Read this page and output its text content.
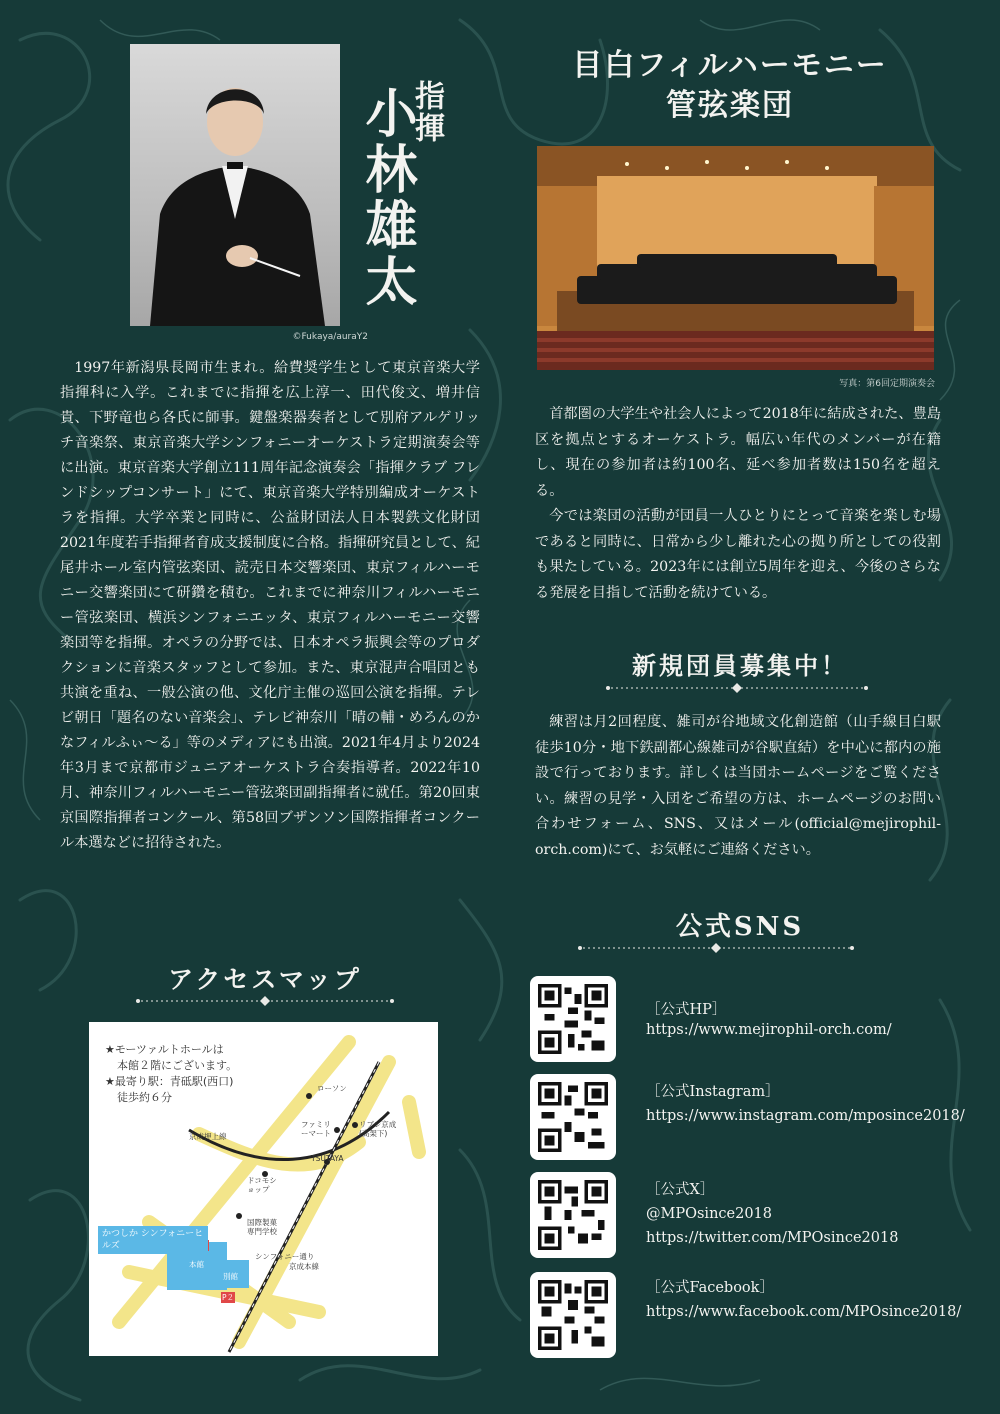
©Fukaya/auraY2
指揮
小林雄太
1997年新潟県長岡市生まれ。給費奨学生として東京音楽大学指揮科に入学。これまでに指揮を広上淳一、田代俊文、増井信貴、下野竜也ら各氏に師事。鍵盤楽器奏者として別府アルゲリッチ音楽祭、東京音楽大学シンフォニーオーケストラ定期演奏会等に出演。東京音楽大学創立111周年記念演奏会「指揮クラブ フレンドシップコンサート」にて、東京音楽大学特別編成オーケストラを指揮。大学卒業と同時に、公益財団法人日本製鉄文化財団 2021年度若手指揮者育成支援制度に合格。指揮研究員として、紀尾井ホール室内管弦楽団、読売日本交響楽団、東京フィルハーモニー交響楽団にて研鑽を積む。これまでに神奈川フィルハーモニー管弦楽団、横浜シンフォニエッタ、東京フィルハーモニー交響楽団等を指揮。オペラの分野では、日本オペラ振興会等のプロダクションに音楽スタッフとして参加。また、東京混声合唱団とも共演を重ね、一般公演の他、文化庁主催の巡回公演を指揮。テレビ朝日「題名のない音楽会」、テレビ神奈川「晴の輔・めろんのかなフィルふぃ～る」等のメディアにも出演。2021年4月より2024年3月まで京都市ジュニアオーケストラ合奏指導者。2022年10月、神奈川フィルハーモニー管弦楽団副指揮者に就任。第20回東京国際指揮者コンクール、第58回ブザンソン国際指揮者コンクール本選などに招待された。
目白フィルハーモニー
管弦楽団
写真：第6回定期演奏会

首都圏の大学生や社会人によって2018年に結成された、豊島区を拠点とするオーケストラ。幅広い年代のメンバーが在籍し、現在の参加者は約100名、延べ参加者数は150名を超える。

今では楽団の活動が団員一人ひとりにとって音楽を楽しむ場であると同時に、日常から少し離れた心の拠り所としての役割も果たしている。2023年には創立5周年を迎え、今後のさらなる発展を目指して活動を続けている。

新規団員募集中！
練習は月2回程度、雑司が谷地域文化創造館（山手線目白駅徒歩10分・地下鉄副都心線雑司が谷駅直結）を中心に都内の施設で行っております。詳しくは当団ホームページをご覧ください。練習の見学・入団をご希望の方は、ホームページのお問い合わせフォーム、SNS、又はメール(official@mejirophil-orch.com)にて、お気軽にご連絡ください。
公式SNS
［公式HP］
https://www.mejirophil-orch.com/
［公式Instagram］
https://www.instagram.com/mposince2018/
［公式X］
@MPOsince2018
https://twitter.com/MPOsince2018
［公式Facebook］
https://www.facebook.com/MPOsince2018/
アクセスマップ
★モーツァルトホールは
本館２階にございます。
★最寄り駅：青砥駅(西口)
徒歩約６分
ローソン
ファミリーマート
リブレ京成(高架下)
TSUTAYA
ドコモショップ
国際製菓専門学校
本館
別館
P２
シンフォニー通り
京成押上線
京成本線
かつしか シンフォニーヒルズ
